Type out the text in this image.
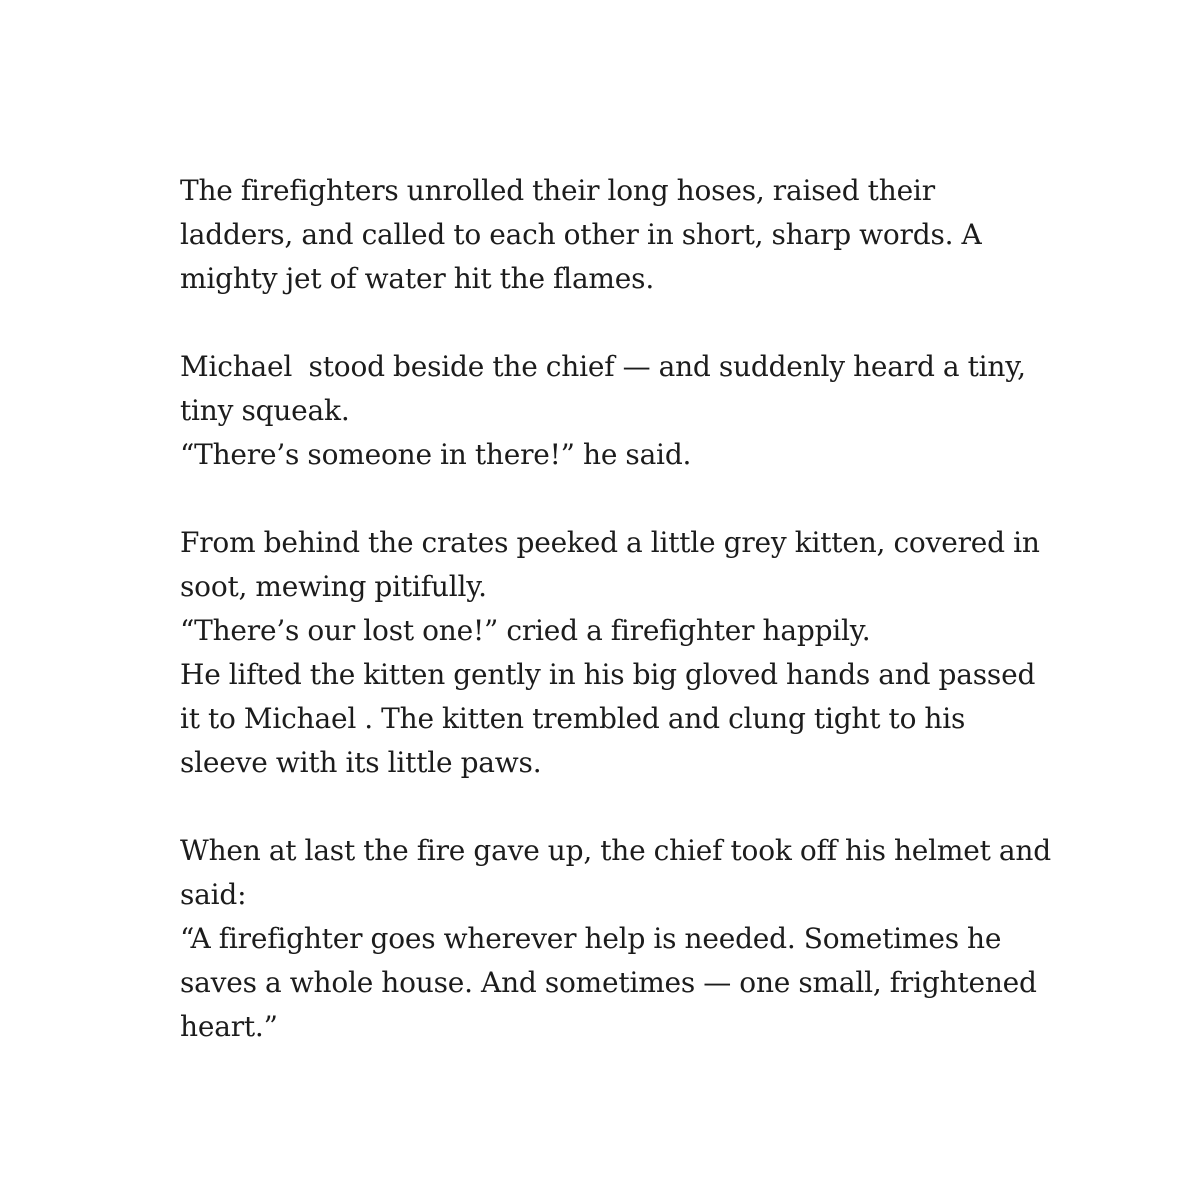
The firefighters unrolled their long hoses, raised their
ladders, and called to each other in short, sharp words. A
mighty jet of water hit the flames.

Michael  stood beside the chief — and suddenly heard a tiny,
tiny squeak.
“There’s someone in there!” he said.

From behind the crates peeked a little grey kitten, covered in
soot, mewing pitifully.
“There’s our lost one!” cried a firefighter happily.
He lifted the kitten gently in his big gloved hands and passed
it to Michael . The kitten trembled and clung tight to his
sleeve with its little paws.

When at last the fire gave up, the chief took off his helmet and
said:
“A firefighter goes wherever help is needed. Sometimes he
saves a whole house. And sometimes — one small, frightened
heart.”
